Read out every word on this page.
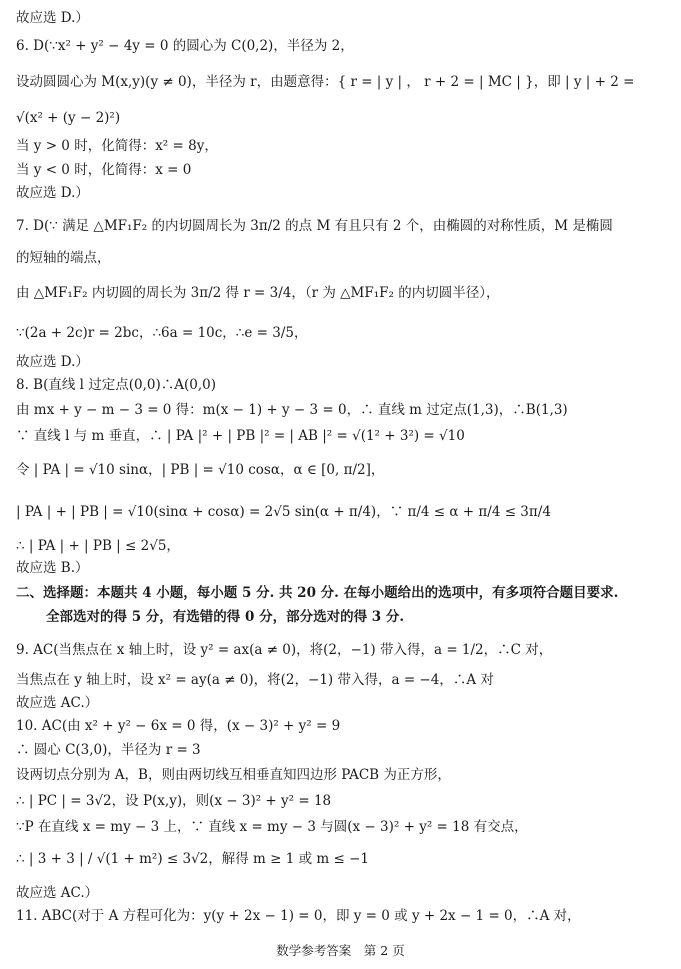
故应选 D.）
6. D(∵x² + y² − 4y = 0 的圆心为 C(0,2)，半径为 2，
设动圆圆心为 M(x,y)(y ≠ 0)，半径为 r，由题意得：{ r = | y | ， r + 2 = | MC | }，即 | y | + 2 =
√(x² + (y − 2)²)
当 y > 0 时，化简得：x² = 8y，
当 y < 0 时，化简得：x = 0
故应选 D.）
7. D(∵ 满足 △MF₁F₂ 的内切圆周长为 3π/2 的点 M 有且只有 2 个，由椭圆的对称性质，M 是椭圆
的短轴的端点，
由 △MF₁F₂ 内切圆的周长为 3π/2 得 r = 3/4，（r 为 △MF₁F₂ 的内切圆半径），
∵(2a + 2c)r = 2bc，∴6a = 10c，∴e = 3/5，
故应选 D.）
8. B(直线 l 过定点(0,0)∴A(0,0)
由 mx + y − m − 3 = 0 得：m(x − 1) + y − 3 = 0，∴ 直线 m 过定点(1,3)，∴B(1,3)
∵ 直线 l 与 m 垂直，∴ | PA |² + | PB |² = | AB |² = √(1² + 3²) = √10
令 | PA | = √10 sinα，| PB | = √10 cosα，α ∈ [0, π/2]，
| PA | + | PB | = √10(sinα + cosα) = 2√5 sin(α + π/4)，∵ π/4 ≤ α + π/4 ≤ 3π/4
∴ | PA | + | PB | ≤ 2√5，
故应选 B.）
二、选择题：本题共 4 小题，每小题 5 分. 共 20 分. 在每小题给出的选项中，有多项符合题目要求.
全部选对的得 5 分，有选错的得 0 分，部分选对的得 3 分.
9. AC(当焦点在 x 轴上时，设 y² = ax(a ≠ 0)，将(2，−1) 带入得，a = 1/2，∴C 对，
当焦点在 y 轴上时，设 x² = ay(a ≠ 0)，将(2，−1) 带入得，a = −4，∴A 对
故应选 AC.）
10. AC(由 x² + y² − 6x = 0 得，(x − 3)² + y² = 9
∴ 圆心 C(3,0)，半径为 r = 3
设两切点分别为 A，B，则由两切线互相垂直知四边形 PACB 为正方形，
∴ | PC | = 3√2，设 P(x,y)，则(x − 3)² + y² = 18
∵P 在直线 x = my − 3 上，∵ 直线 x = my − 3 与圆(x − 3)² + y² = 18 有交点，
∴ | 3 + 3 | / √(1 + m²) ≤ 3√2，解得 m ≥ 1 或 m ≤ −1
故应选 AC.）
11. ABC(对于 A 方程可化为：y(y + 2x − 1) = 0，即 y = 0 或 y + 2x − 1 = 0，∴A 对，
数学参考答案　第 2 页
